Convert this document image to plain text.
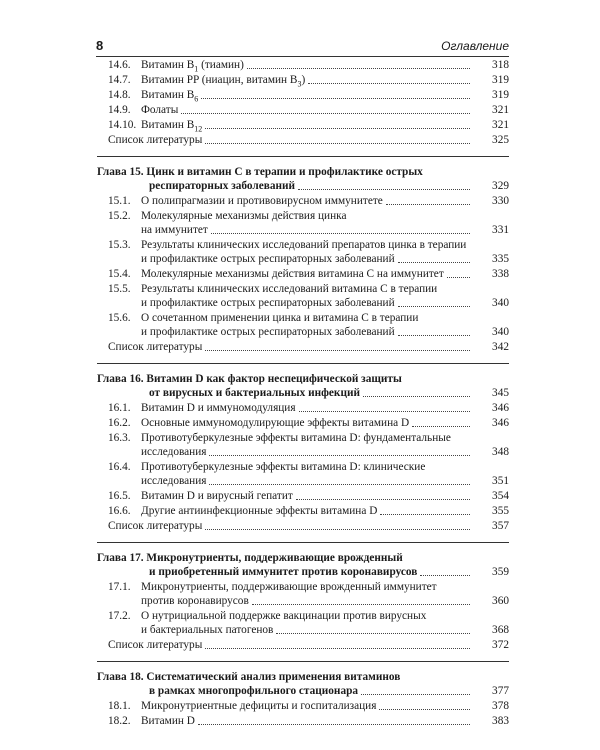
8	Оглавление
14.6. Витамин $B_1$ (тиамин)	318
14.7. Витамин PP (ниацин, витамин $B_3$)	319
14.8. Витамин $B_6$	319
14.9. Фолаты	321
14.10. Витамин $B_{12}$	321
Список литературы	325
Глава 15. Цинк и витамин С в терапии и профилактике острых
респираторных заболеваний	329
15.1. О полипрагмазии и противовирусном иммунитете	330
15.2. Молекулярные механизмы действия цинка
на иммунитет	331
15.3. Результаты клинических исследований препаратов цинка в терапии
и профилактике острых респираторных заболеваний	335
15.4. Молекулярные механизмы действия витамина С на иммунитет	338
15.5. Результаты клинических исследований витамина С в терапии
и профилактике острых респираторных заболеваний	340
15.6. О сочетанном применении цинка и витамина С в терапии
и профилактике острых респираторных заболеваний	340
Список литературы	342
Глава 16. Витамин D как фактор неспецифической защиты
от вирусных и бактериальных инфекций	345
16.1. Витамин D и иммуномодуляция	346
16.2. Основные иммуномодулирующие эффекты витамина D	346
16.3. Противотуберкулезные эффекты витамина D: фундаментальные
исследования	348
16.4. Противотуберкулезные эффекты витамина D: клинические
исследования	351
16.5. Витамин D и вирусный гепатит	354
16.6. Другие антиинфекционные эффекты витамина D	355
Список литературы	357
Глава 17. Микронутриенты, поддерживающие врожденный
и приобретенный иммунитет против коронавирусов	359
17.1. Микронутриенты, поддерживающие врожденный иммунитет
против коронавирусов	360
17.2. О нутрициальной поддержке вакцинации против вирусных
и бактериальных патогенов	368
Список литературы	372
Глава 18. Систематический анализ применения витаминов
в рамках многопрофильного стационара	377
18.1. Микронутриентные дефициты и госпитализация	378
18.2. Витамин D	383
